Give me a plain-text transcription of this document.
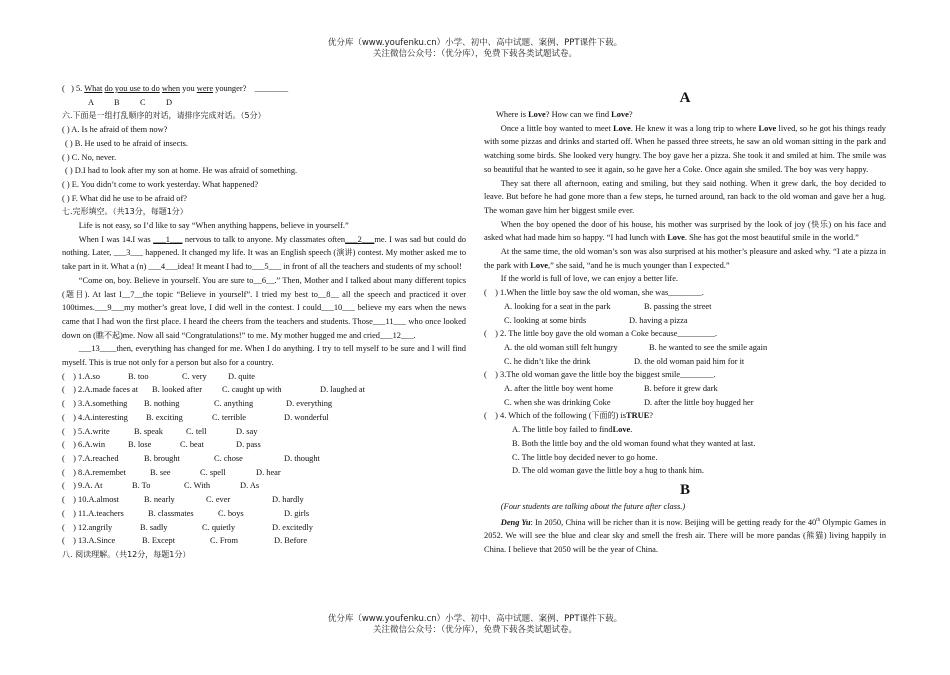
优分库（www.youfenku.cn）小学、初中、高中试题、案例、PPT课件下载。
关注微信公众号：（优分库），免费下载各类试题试卷。
( ) 5. What do you use to do when you were younger? ________
A B C D
六.下面是一组打乱顺序的对话，请排序完成对话。（5分）
( ) A. Is he afraid of them now?
( ) B. He used to be afraid of insects.
( ) C. No, never.
( ) D.I had to look after my son at home. He was afraid of something.
( ) E. You didn’t come to work yesterday. What happened?
( ) F. What did he use to be afraid of?
七.完形填空。（共13分，每题1分）
Life is not easy, so I’d like to say “When anything happens, believe in yourself.”
When I was 14.I was ___1___ nervous to talk to anyone. My classmates often___2___me. I was sad but could do nothing. Later, ___3___ happened. It changed my life. It was an English speech (演讲) contest. My mother asked me to take part in it. What a (n) ___4___idea! It meant I had to___5___ in front of all the teachers and students of my school!
“Come on, boy. Believe in yourself. You are sure to__6__.” Then, Mother and I talked about many different topics (题目). At last I__7__the topic “Believe in yourself”. I tried my best to__8__ all the speech and practiced it over 100times.___9___my mother’s great love, I did well in the contest. I could___10___ believe my ears when the news came that I had won the first place. I heard the cheers from the teachers and students. Those___11___ who once looked down on (瞧不起)me. Now all said “Congratulations!” to me. My mother hugged me and cried___12___.
___13____then, everything has changed for me. When I do anything. I try to tell myself to be sure and I will find myself. This is true not only for a person but also for a country.
(    ) 1.A.so	B. too	C. very	D. quite
(    ) 2.A.made faces at B. looked after C. caught up with	D. laughed at
(    ) 3.A.something B. nothing	C. anything	D. everything
(    ) 4.A.interesting B. exciting	C. terrible	D. wonderful
(    ) 5.A.write	B. speak	C. tell	D. say
(    ) 6.A.win	B. lose	C. beat	D. pass
(    ) 7.A.reached	B. brought	C. chose	D. thought
(    ) 8.A.remembet	B. see	C. spell	D. hear
(    ) 9.A. At	B. To	C. With	D. As
(    ) 10.A.almost	B. nearly	C. ever	D. hardly
(    ) 11.A.teachers	B. classmates	C. boys	D. girls
(    ) 12.angrily	B. sadly	C. quietly	D. excitedly
(    ) 13.A.Since	B. Except	C. From	D. Before
八. 阅读理解。（共12分，每题1分）
A
Where is Love? How can we find Love?
Once a little boy wanted to meet Love. He knew it was a long trip to where Love lived, so he got his things ready with some pizzas and drinks and started off. When he passed three streets, he saw an old woman sitting in the park and watching some birds. She looked very hungry. The boy gave her a pizza. She took it and smiled at him. The smile was so beautiful that he wanted to see it again, so he gave her a Coke. Once again she smiled. The boy was very happy.
They sat there all afternoon, eating and smiling, but they said nothing. When it grew dark, the boy decided to leave. But before he had gone more than a few steps, he turned around, ran back to the old woman and gave her a hug. The woman gave him her biggest smile ever.
When the boy opened the door of his house, his mother was surprised by the look of joy (快乐) on his face and asked what had made him so happy. “I had lunch with Love. She has got the most beautiful smile in the world.”
At the same time, the old woman’s son was also surprised at his mother’s pleasure and asked why. “I ate a pizza in the park with Love,” she said, “and he is much younger than I expected.”
If the world is full of love, we can enjoy a better life.
(    ) 1.When the little boy saw the old woman, she was________.
A. looking for a seat in the park	B. passing the street
C. looking at some birds	D. having a pizza
(    ) 2. The little boy gave the old woman a Coke because_________.
A. the old woman still felt hungry	B. he wanted to see the smile again
C. he didn’t like the drink	D. the old woman paid him for it
(    ) 3.The old woman gave the little boy the biggest smile________.
A. after the little boy went home	B. before it grew dark
C. when she was drinking Coke	D. after the little boy hugged her
(    ) 4. Which of the following (下面的) isTRUE?
A. The little boy failed to findLove.
B. Both the little boy and the old woman found what they wanted at last.
C. The little boy decided never to go home.
D. The old woman gave the little boy a hug to thank him.
B
(Four students are talking about the future after class.)
Deng Yu: In 2050, China will be richer than it is now. Beijing will be getting ready for the 40th Olympic Games in 2052. We will see the blue and clear sky and smell the fresh air. There will be more pandas (熊猫) living happily in China. I believe that 2050 will be the year of China.
优分库（www.youfenku.cn）小学、初中、高中试题、案例、PPT课件下载。
关注微信公众号：（优分库），免费下载各类试题试卷。
